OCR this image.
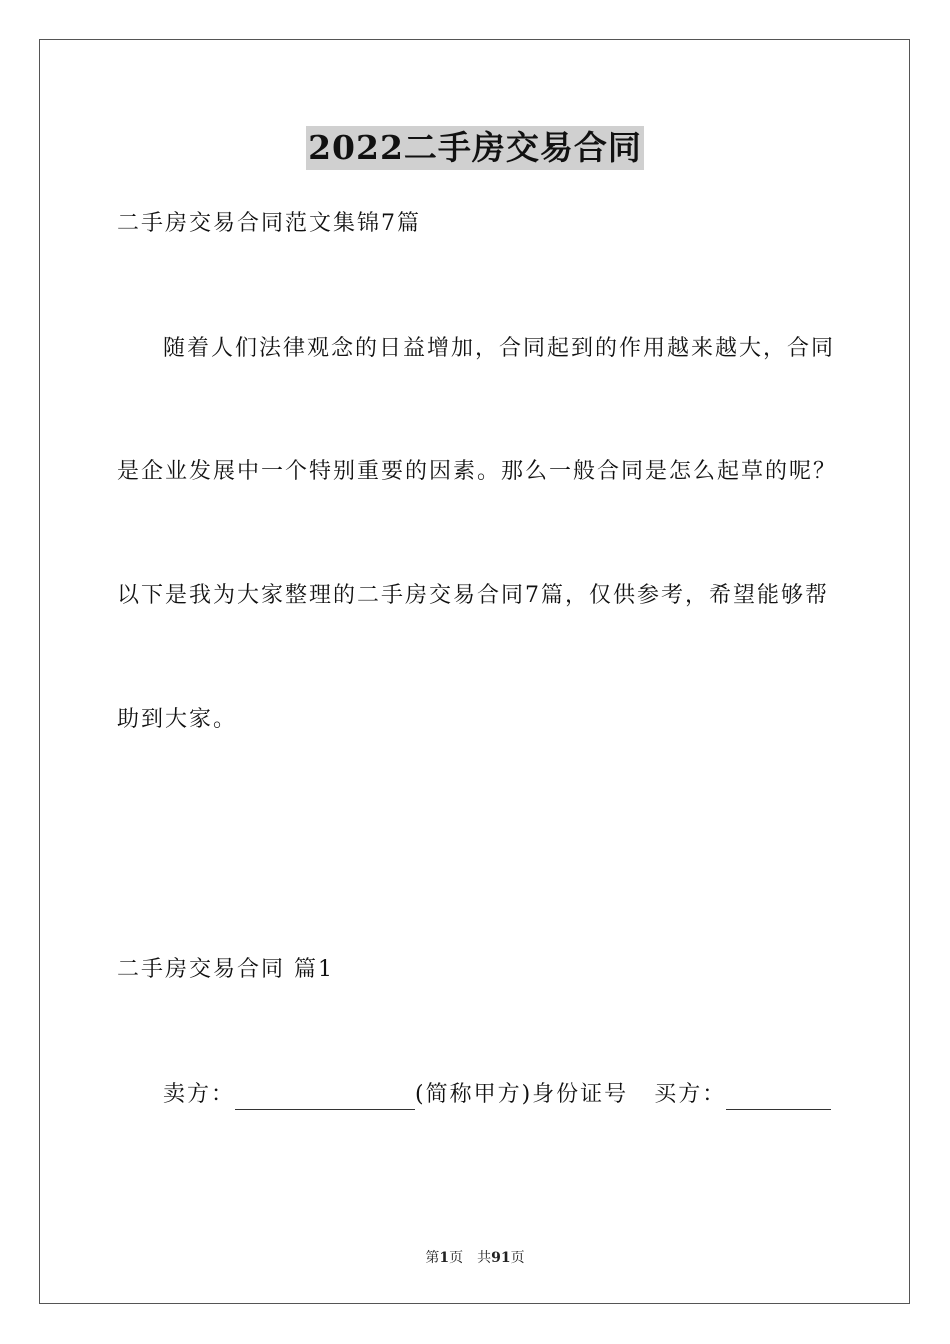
2022二手房交易合同
二手房交易合同范文集锦7篇
随着人们法律观念的日益增加，合同起到的作用越来越大，合同
是企业发展中一个特别重要的因素。那么一般合同是怎么起草的呢？
以下是我为大家整理的二手房交易合同7篇，仅供参考，希望能够帮
助到大家。
二手房交易合同 篇1
卖方：	(简称甲方)身份证号 买方：
第1页　共91页
